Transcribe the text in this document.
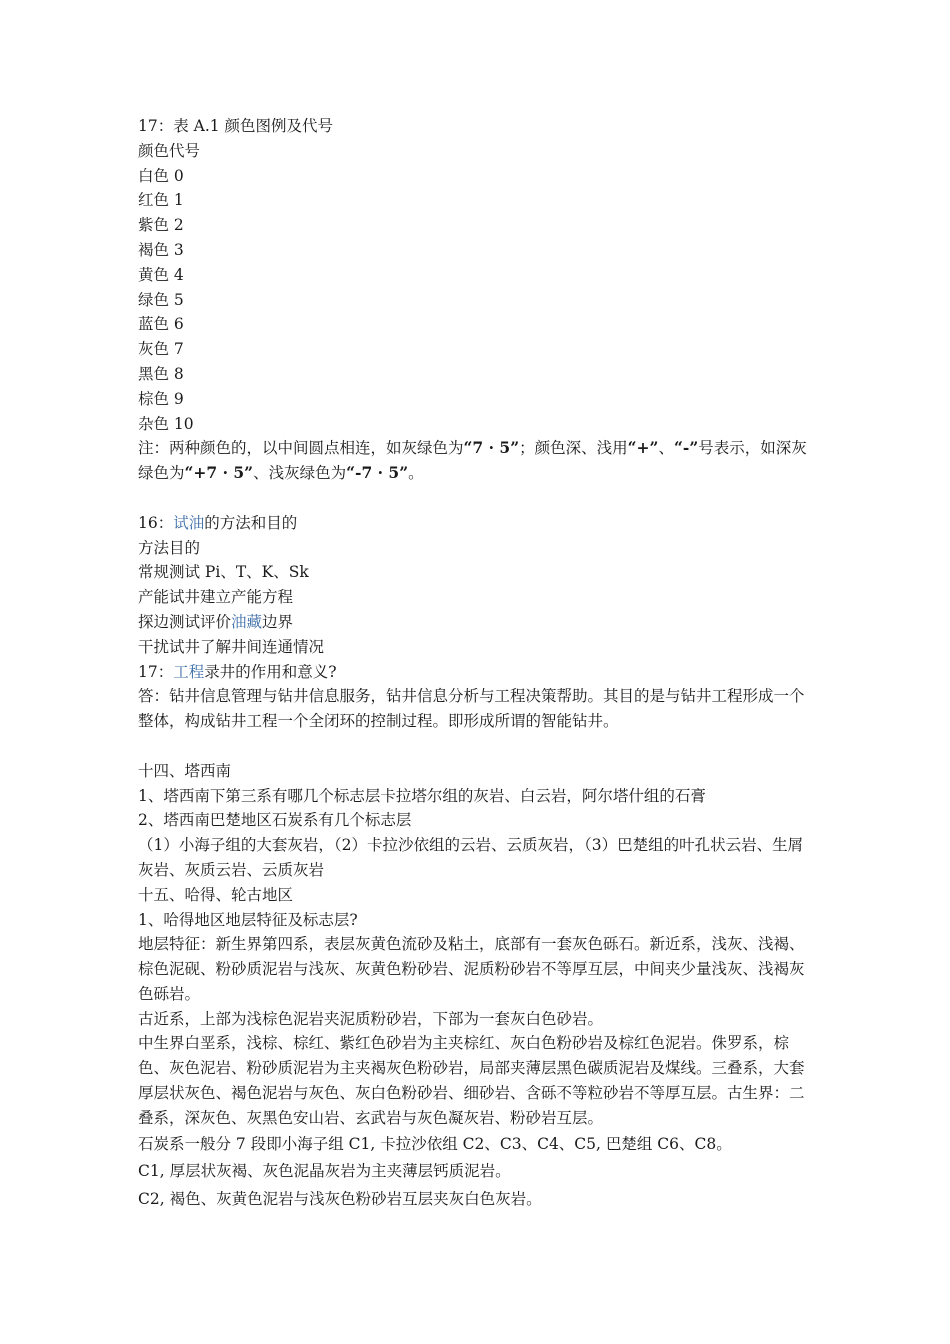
17：表 A.1 颜色图例及代号
颜色代号
白色 0
红色 1
紫色 2
褐色 3
黄色 4
绿色 5
蓝色 6
灰色 7
黑色 8
棕色 9
杂色 10
注：两种颜色的，以中间圆点相连，如灰绿色为“7 · 5”；颜色深、浅用“+”、“-”号表示，如深灰绿色为“+7 · 5”、浅灰绿色为“-7 · 5”。
16：试油的方法和目的
方法目的
常规测试 Pi、T、K、Sk
产能试井建立产能方程
探边测试评价油藏边界
干扰试井了解井间连通情况
17：工程录井的作用和意义?
答：钻井信息管理与钻井信息服务，钻井信息分析与工程决策帮助。其目的是与钻井工程形成一个整体，构成钻井工程一个全闭环的控制过程。即形成所谓的智能钻井。
十四、塔西南
1、塔西南下第三系有哪几个标志层卡拉塔尔组的灰岩、白云岩，阿尔塔什组的石膏
2、塔西南巴楚地区石炭系有几个标志层
（1）小海子组的大套灰岩，（2）卡拉沙依组的云岩、云质灰岩，（3）巴楚组的叶孔状云岩、生屑灰岩、灰质云岩、云质灰岩
十五、哈得、轮古地区
1、哈得地区地层特征及标志层?
地层特征：新生界第四系，表层灰黄色流砂及粘土，底部有一套灰色砾石。新近系，浅灰、浅褐、棕色泥砚、粉砂质泥岩与浅灰、灰黄色粉砂岩、泥质粉砂岩不等厚互层，中间夹少量浅灰、浅褐灰色砾岩。
古近系，上部为浅棕色泥岩夹泥质粉砂岩，下部为一套灰白色砂岩。
中生界白垩系，浅棕、棕红、紫红色砂岩为主夹棕红、灰白色粉砂岩及棕红色泥岩。侏罗系，棕色、灰色泥岩、粉砂质泥岩为主夹褐灰色粉砂岩，局部夹薄层黑色碳质泥岩及煤线。三叠系，大套厚层状灰色、褐色泥岩与灰色、灰白色粉砂岩、细砂岩、含砾不等粒砂岩不等厚互层。古生界：二叠系，深灰色、灰黑色安山岩、玄武岩与灰色凝灰岩、粉砂岩互层。
石炭系一般分 7 段即小海子组 C1, 卡拉沙依组 C2、C3、C4、C5, 巴楚组 C6、C8。
C1, 厚层状灰褐、灰色泥晶灰岩为主夹薄层钙质泥岩。
C2, 褐色、灰黄色泥岩与浅灰色粉砂岩互层夹灰白色灰岩。
